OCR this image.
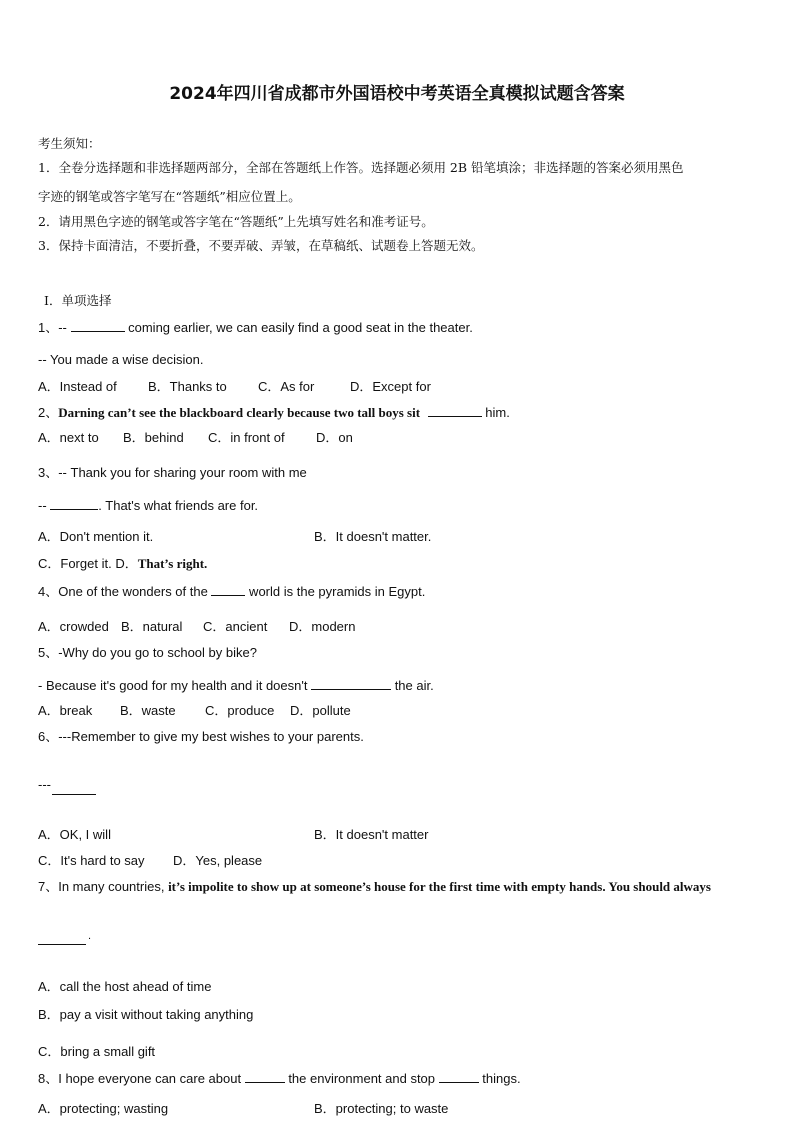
2024年四川省成都市外国语校中考英语全真模拟试题含答案
考生须知：
1．全卷分选择题和非选择题两部分，全部在答题纸上作答。选择题必须用 2B 铅笔填涂；非选择题的答案必须用黑色
字迹的钢笔或答字笔写在“答题纸”相应位置上。
2．请用黑色字迹的钢笔或答字笔在“答题纸”上先填写姓名和准考证号。
3．保持卡面清洁，不要折叠，不要弄破、弄皱，在草稿纸、试题卷上答题无效。
Ⅰ．单项选择
1、--	coming earlier, we can easily find a good seat in the theater.
-- You made a wise decision.
A．Instead of B．Thanks to C．As for	D．Except for
2、Darning can’t see the blackboard clearly because two tall boys sit	him.
A．next to B．behind C．in front of D．on
3、-- Thank you for sharing your room with me
--	. That's what friends are for.
A．Don't mention it.	B．It doesn't matter.
C．Forget it. D．That’s right.
4、One of the wonders of the	world is the pyramids in Egypt.
A．crowded B．natural C．ancient D．modern
5、-Why do you go to school by bike?
- Because it's good for my health and it doesn't	the air.
A．break B．waste C．produce D．pollute
6、---Remember to give my best wishes to your parents.
---
A．OK, I will	B．It doesn't matter
C．It's hard to say D．Yes, please
7、In many countries, it’s impolite to show up at someone’s house for the first time with empty hands. You should always
.
A．call the host ahead of time
B．pay a visit without taking anything
C．bring a small gift
8、I hope everyone can care about	the environment and stop	things.
A．protecting; wasting	B．protecting; to waste
